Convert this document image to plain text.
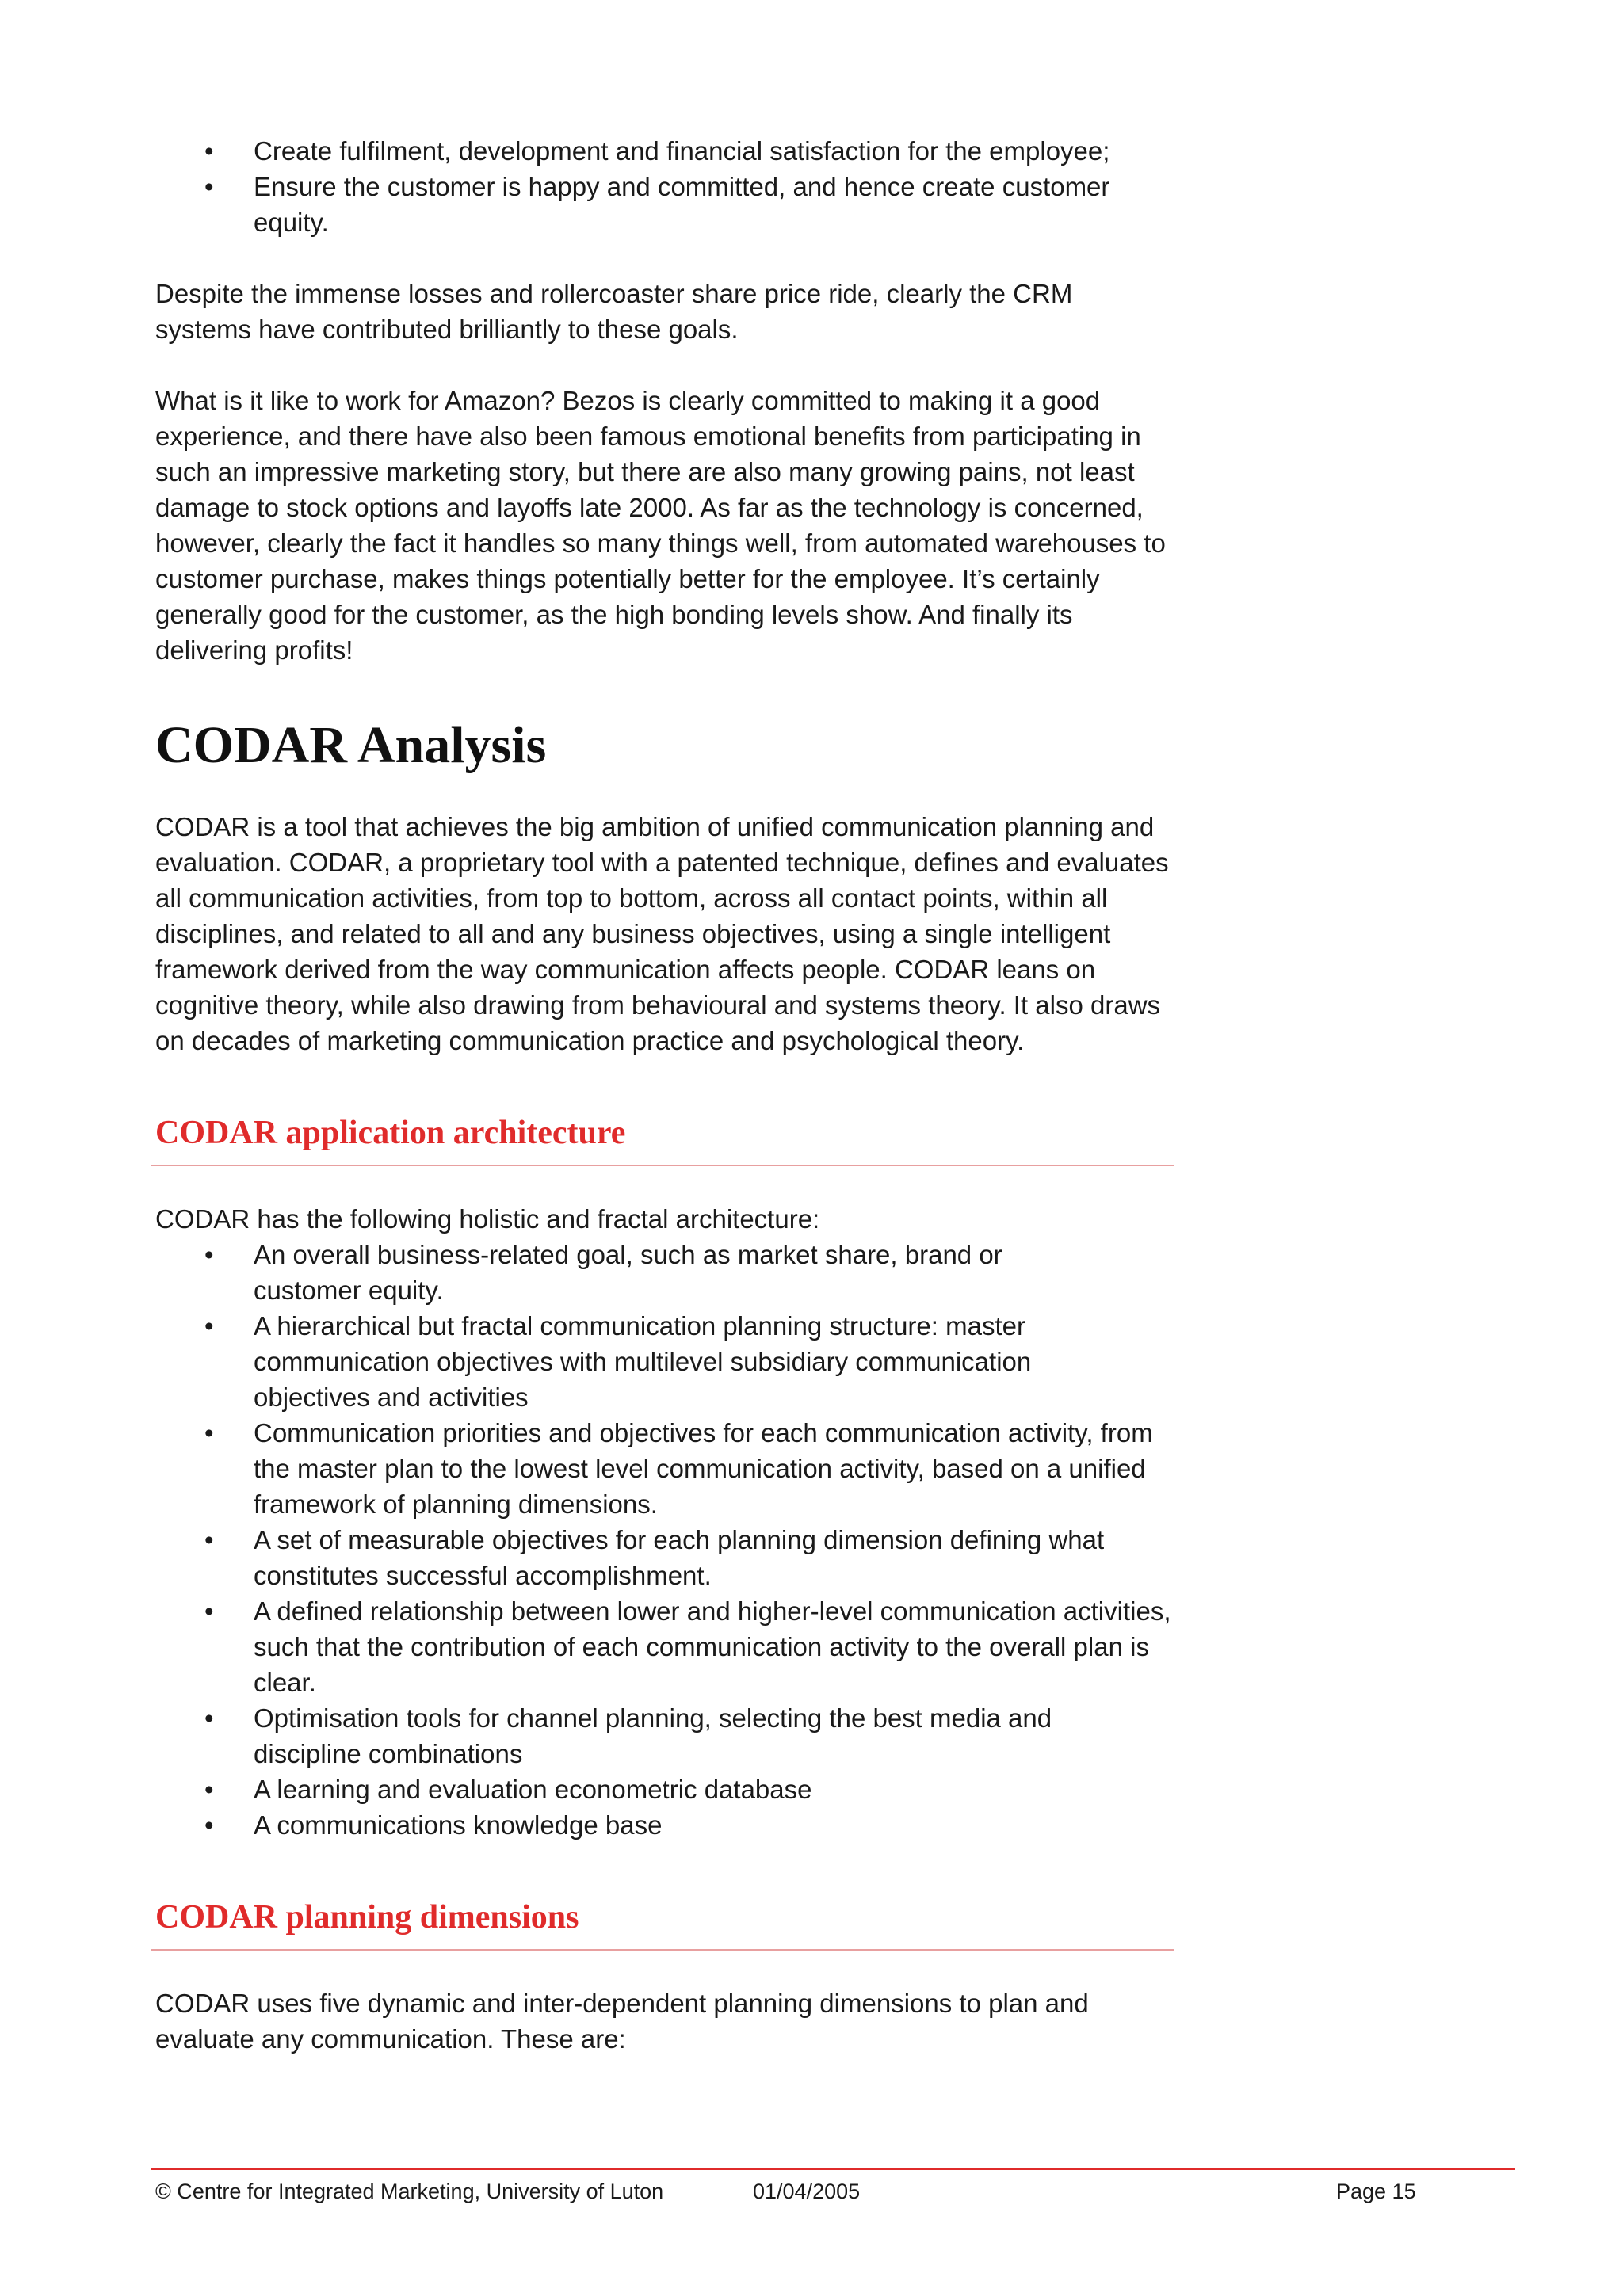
• Create fulfilment, development and financial satisfaction for the employee;
• Ensure the customer is happy and committed, and hence create customer equity.

Despite the immense losses and rollercoaster share price ride, clearly the CRM systems have contributed brilliantly to these goals.

What is it like to work for Amazon? Bezos is clearly committed to making it a good experience, and there have also been famous emotional benefits from participating in such an impressive marketing story, but there are also many growing pains, not least damage to stock options and layoffs late 2000. As far as the technology is concerned, however, clearly the fact it handles so many things well, from automated warehouses to customer purchase, makes things potentially better for the employee. It’s certainly generally good for the customer, as the high bonding levels show. And finally its delivering profits!

CODAR Analysis

CODAR is a tool that achieves the big ambition of unified communication planning and evaluation. CODAR, a proprietary tool with a patented technique, defines and evaluates all communication activities, from top to bottom, across all contact points, within all disciplines, and related to all and any business objectives, using a single intelligent framework derived from the way communication affects people. CODAR leans on cognitive theory, while also drawing from behavioural and systems theory. It also draws on decades of marketing communication practice and psychological theory.

CODAR application architecture

CODAR has the following holistic and fractal architecture:

• An overall business-related goal, such as market share, brand or customer equity.
• A hierarchical but fractal communication planning structure: master communication objectives with multilevel subsidiary communication objectives and activities
• Communication priorities and objectives for each communication activity, from the master plan to the lowest level communication activity, based on a unified framework of planning dimensions.
• A set of measurable objectives for each planning dimension defining what constitutes successful accomplishment.
• A defined relationship between lower and higher-level communication activities, such that the contribution of each communication activity to the overall plan is clear.
• Optimisation tools for channel planning, selecting the best media and discipline combinations
• A learning and evaluation econometric database
• A communications knowledge base
CODAR planning dimensions

CODAR uses five dynamic and inter-dependent planning dimensions to plan and evaluate any communication. These are:

© Centre for Integrated Marketing, University of Luton	01/04/2005	Page 15
